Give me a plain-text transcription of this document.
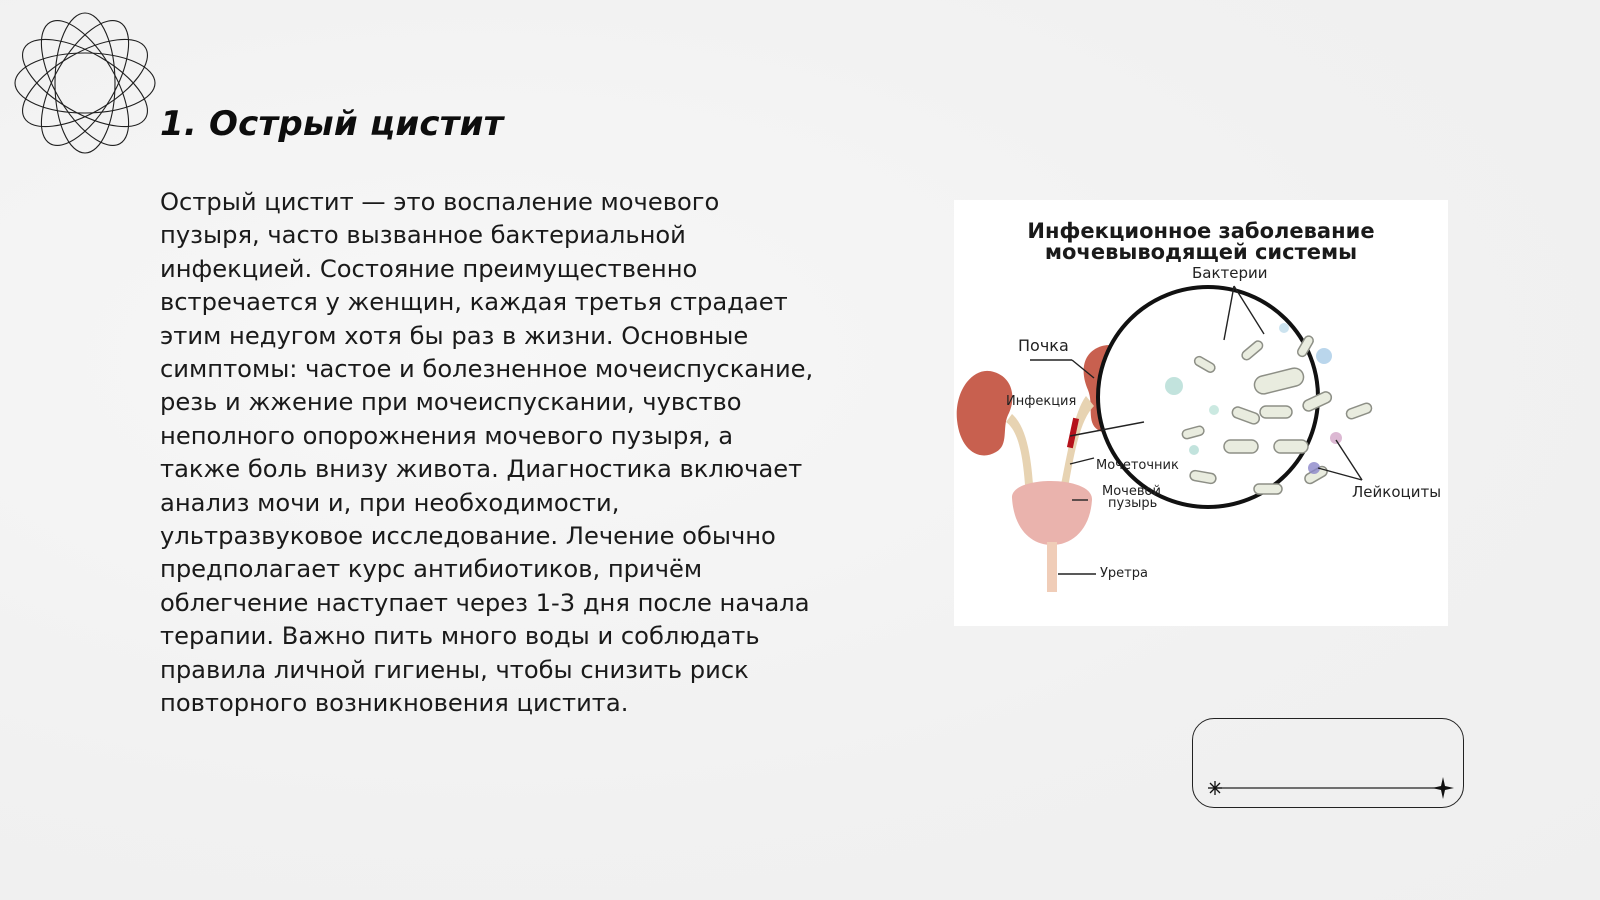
1. Острый цистит

Острый цистит — это воспаление мочевого пузыря, часто вызванное бактериальной инфекцией. Состояние преимущественно встречается у женщин, каждая третья страдает этим недугом хотя бы раз в жизни. Основные симптомы: частое и болезненное мочеиспускание, резь и жжение при мочеиспускании, чувство неполного опорожнения мочевого пузыря, а также боль внизу живота. Диагностика включает анализ мочи и, при необходимости, ультразвуковое исследование. Лечение обычно предполагает курс антибиотиков, причём облегчение наступает через 1-3 дня после начала терапии. Важно пить много воды и соблюдать правила личной гигиены, чтобы снизить риск повторного возникновения цистита.

Инфекционное заболевание
мочевыводящей системы
Бактерии
Почка
Инфекция
Мочеточник
Мочевой
пузырь
Уретра
Лейкоциты
